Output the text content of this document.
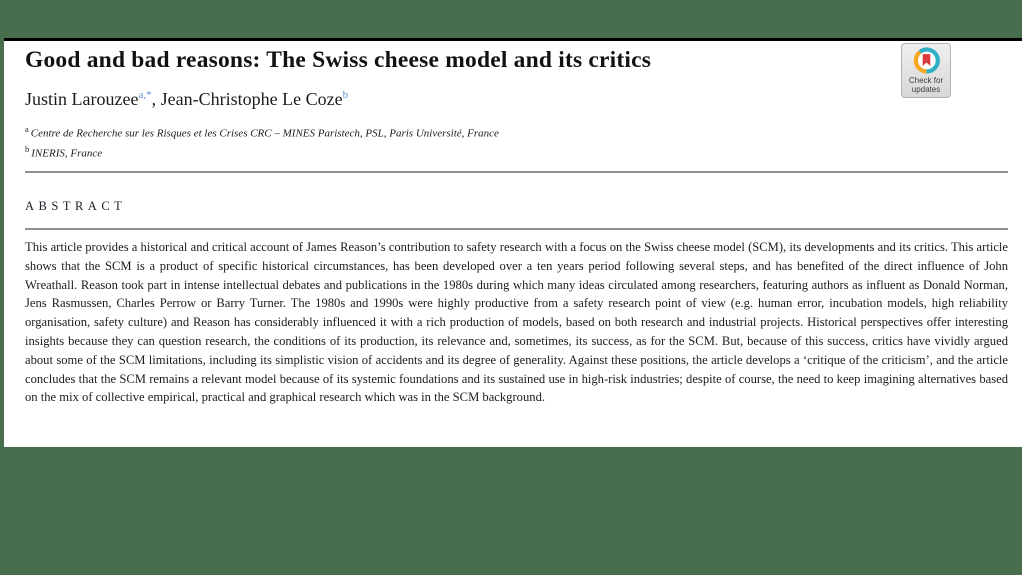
Good and bad reasons: The Swiss cheese model and its critics
Justin Larouzee$^{a,*}$, Jean-Christophe Le Coze$^b$
$^a$ Centre de Recherche sur les Risques et les Crises CRC – MINES Paristech, PSL, Paris Université, France
$^b$ INERIS, France
Check for
updates
ABSTRACT

This article provides a historical and critical account of James Reason’s contribution to safety research with a focus on the Swiss cheese model (SCM), its developments and its critics. This article shows that the SCM is a product of specific historical circumstances, has been developed over a ten years period following several steps, and has benefited of the direct influence of John Wreathall. Reason took part in intense intellectual debates and publications in the 1980s during which many ideas circulated among researchers, featuring authors as influent as Donald Norman, Jens Rasmussen, Charles Perrow or Barry Turner. The 1980s and 1990s were highly productive from a safety research point of view (e.g. human error, incubation models, high reliability organisation, safety culture) and Reason has considerably influenced it with a rich production of models, based on both research and industrial projects. Historical perspectives offer interesting insights because they can question research, the conditions of its production, its relevance and, sometimes, its success, as for the SCM. But, because of this success, critics have vividly argued about some of the SCM limitations, including its simplistic vision of accidents and its degree of generality. Against these positions, the article develops a ‘critique of the criticism’, and the article concludes that the SCM remains a relevant model because of its systemic foundations and its sustained use in high-risk industries; despite of course, the need to keep imagining alternatives based on the mix of collective empirical, practical and graphical research which was in the SCM background.
